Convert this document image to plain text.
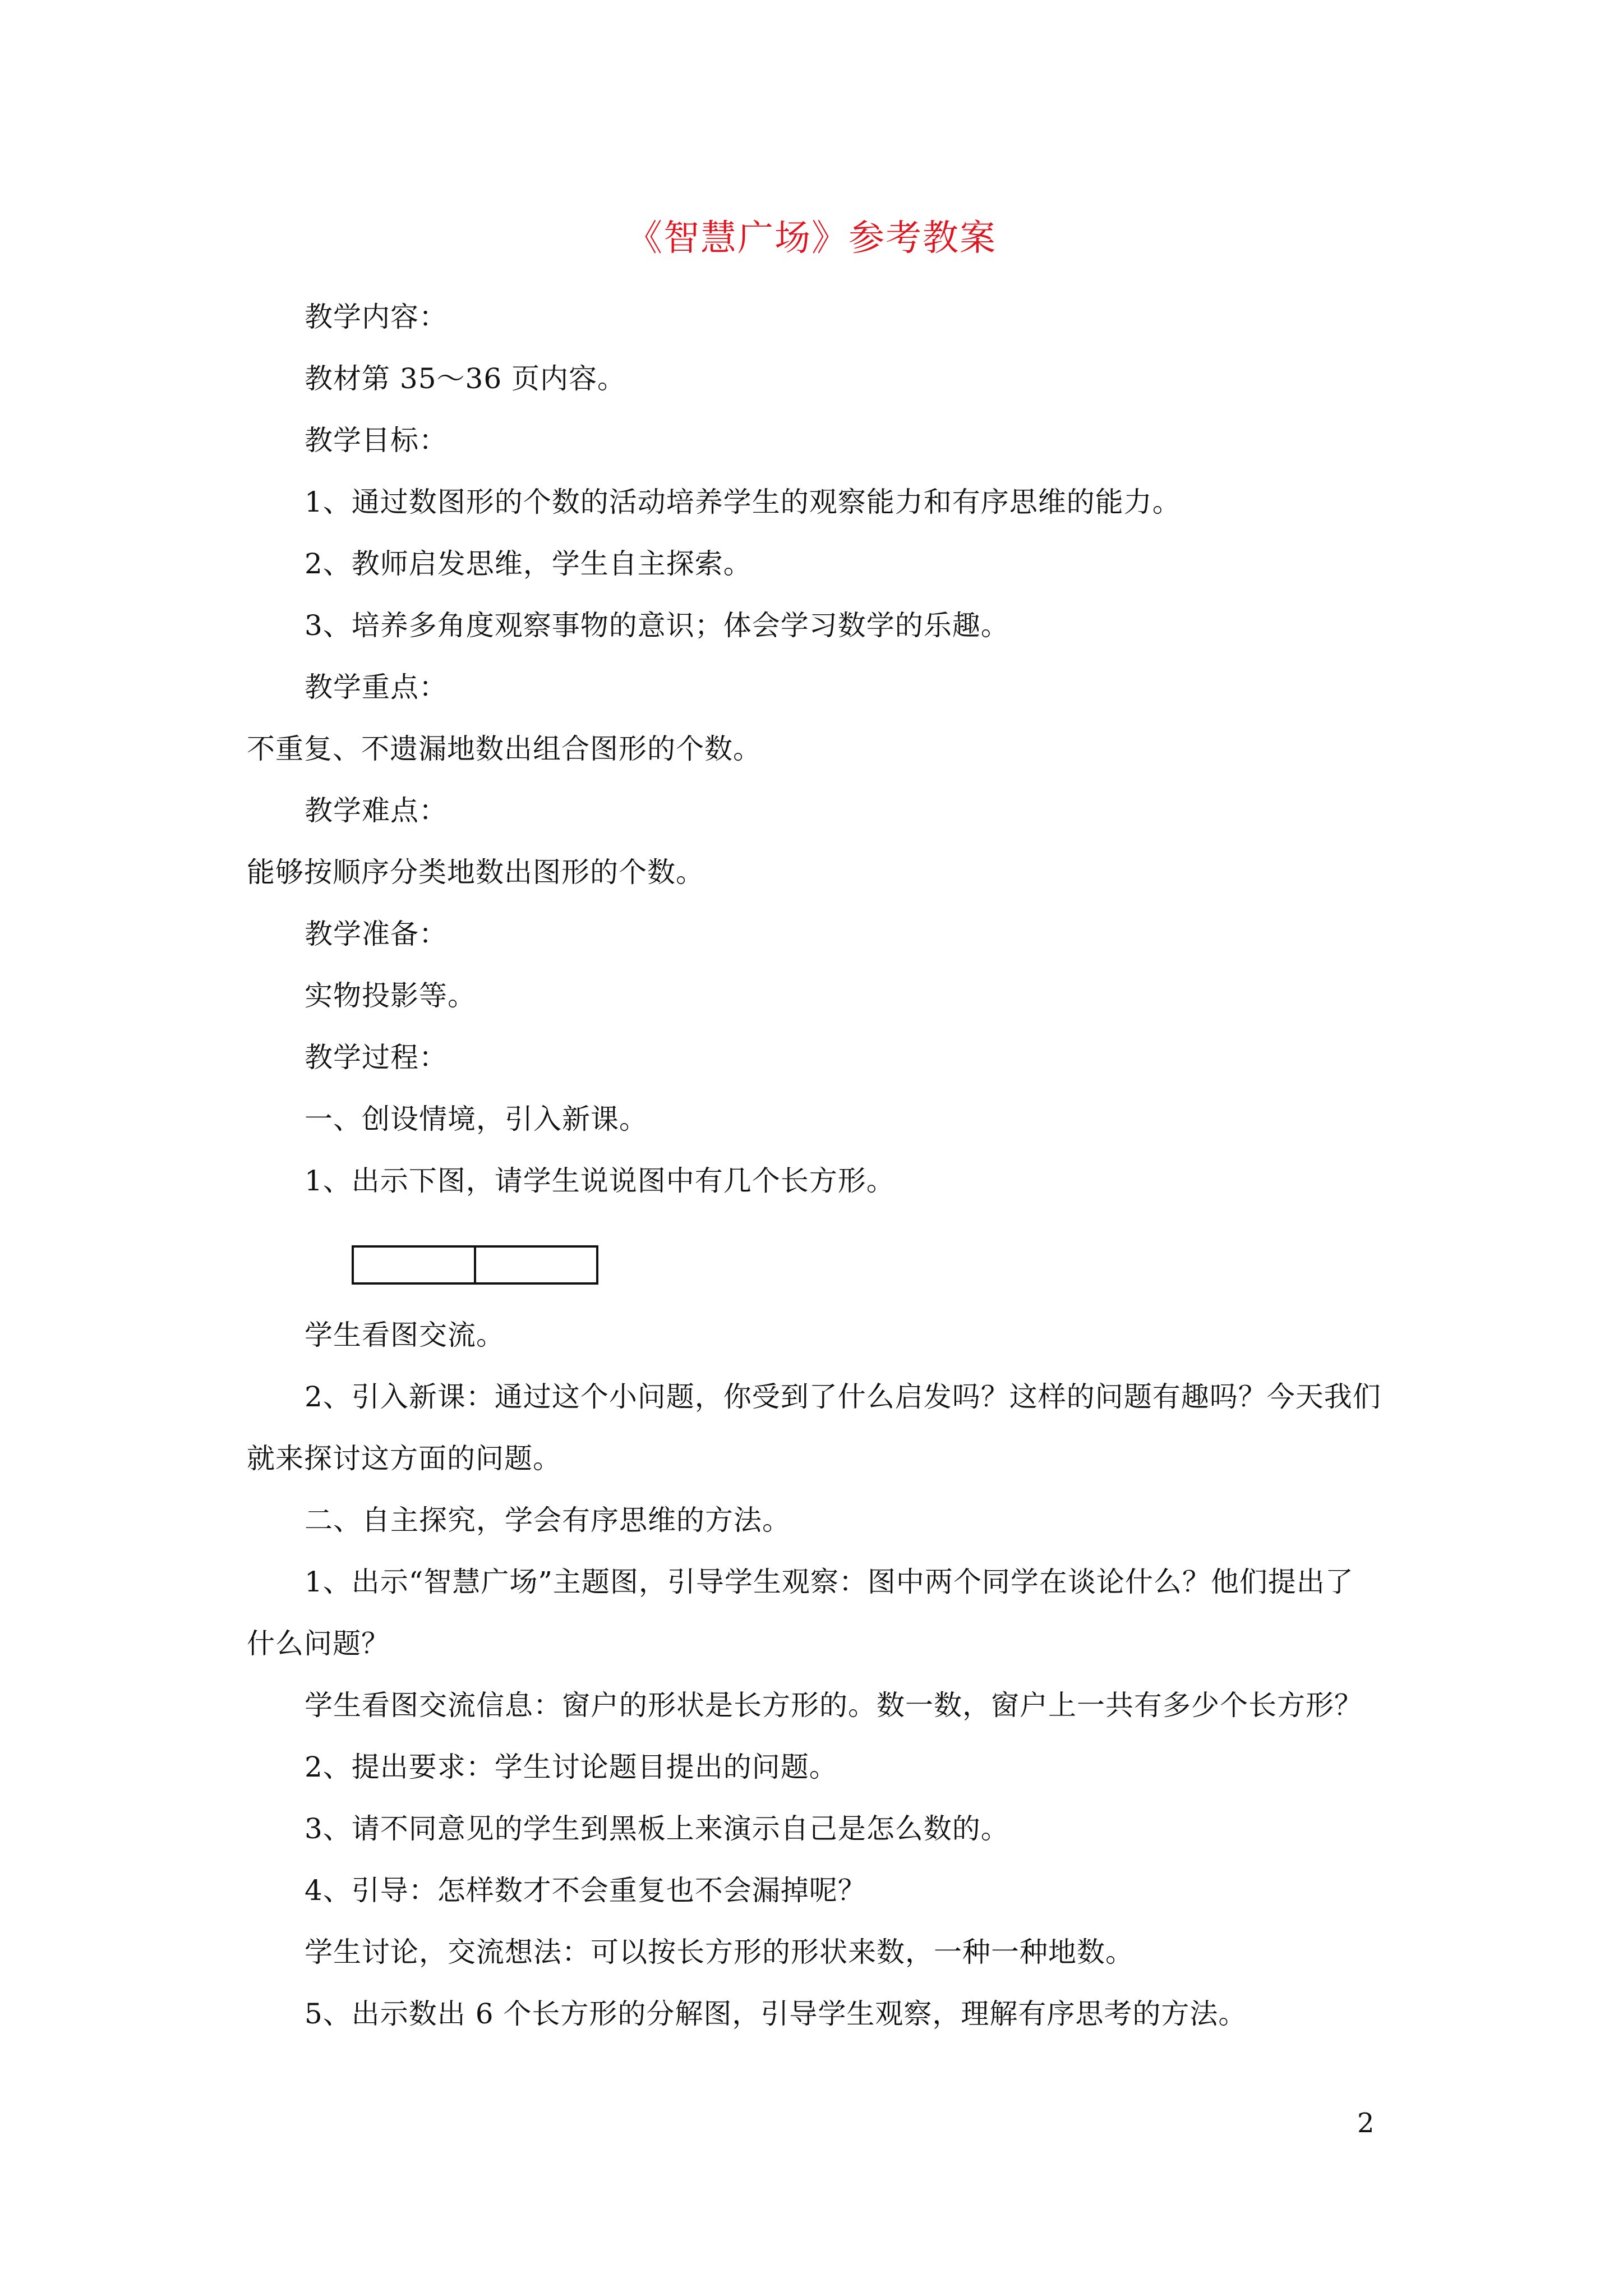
《智慧广场》参考教案
教学内容：
教材第 35～36 页内容。
教学目标：
1、通过数图形的个数的活动培养学生的观察能力和有序思维的能力。
2、教师启发思维，学生自主探索。
3、培养多角度观察事物的意识；体会学习数学的乐趣。
教学重点：
不重复、不遗漏地数出组合图形的个数。
教学难点：
能够按顺序分类地数出图形的个数。
教学准备：
实物投影等。
教学过程：
一、创设情境，引入新课。
1、出示下图，请学生说说图中有几个长方形。
学生看图交流。
2、引入新课：通过这个小问题，你受到了什么启发吗？这样的问题有趣吗？今天我们
就来探讨这方面的问题。
二、自主探究，学会有序思维的方法。
1、出示“智慧广场”主题图，引导学生观察：图中两个同学在谈论什么？他们提出了
什么问题？
学生看图交流信息：窗户的形状是长方形的。数一数，窗户上一共有多少个长方形？
2、提出要求：学生讨论题目提出的问题。
3、请不同意见的学生到黑板上来演示自己是怎么数的。
4、引导：怎样数才不会重复也不会漏掉呢？
学生讨论，交流想法：可以按长方形的形状来数，一种一种地数。
5、出示数出 6 个长方形的分解图，引导学生观察，理解有序思考的方法。
2
